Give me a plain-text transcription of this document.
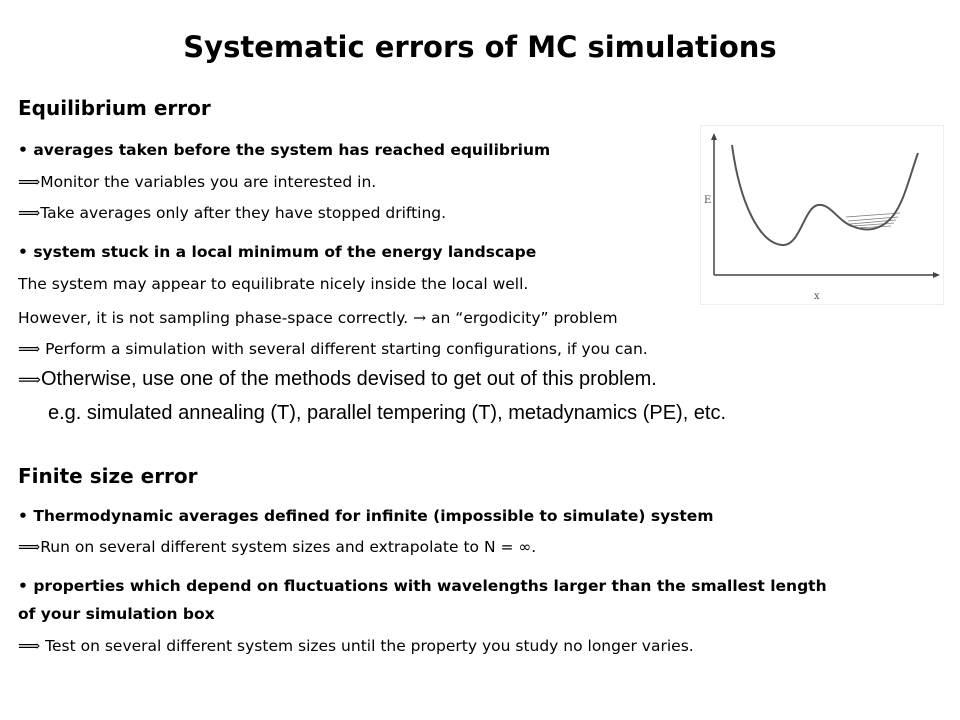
Systematic errors of MC simulations
Equilibrium error
• averages taken before the system has reached equilibrium
⟹Monitor the variables you are interested in.
⟹Take averages only after they have stopped drifting.
• system stuck in a local minimum of the energy landscape
The system may appear to equilibrate nicely inside the local well.
However, it is not sampling phase-space correctly. → an “ergodicity” problem
⟹ Perform a simulation with several different starting configurations, if you can.
⟹Otherwise, use one of the methods devised to get out of this problem.
e.g. simulated annealing (T), parallel tempering (T), metadynamics (PE), etc.
E
x
Finite size error
• Thermodynamic averages defined for infinite (impossible to simulate) system
⟹Run on several different system sizes and extrapolate to N = ∞.
• properties which depend on fluctuations with wavelengths larger than the smallest length
of your simulation box
⟹ Test on several different system sizes until the property you study no longer varies.
